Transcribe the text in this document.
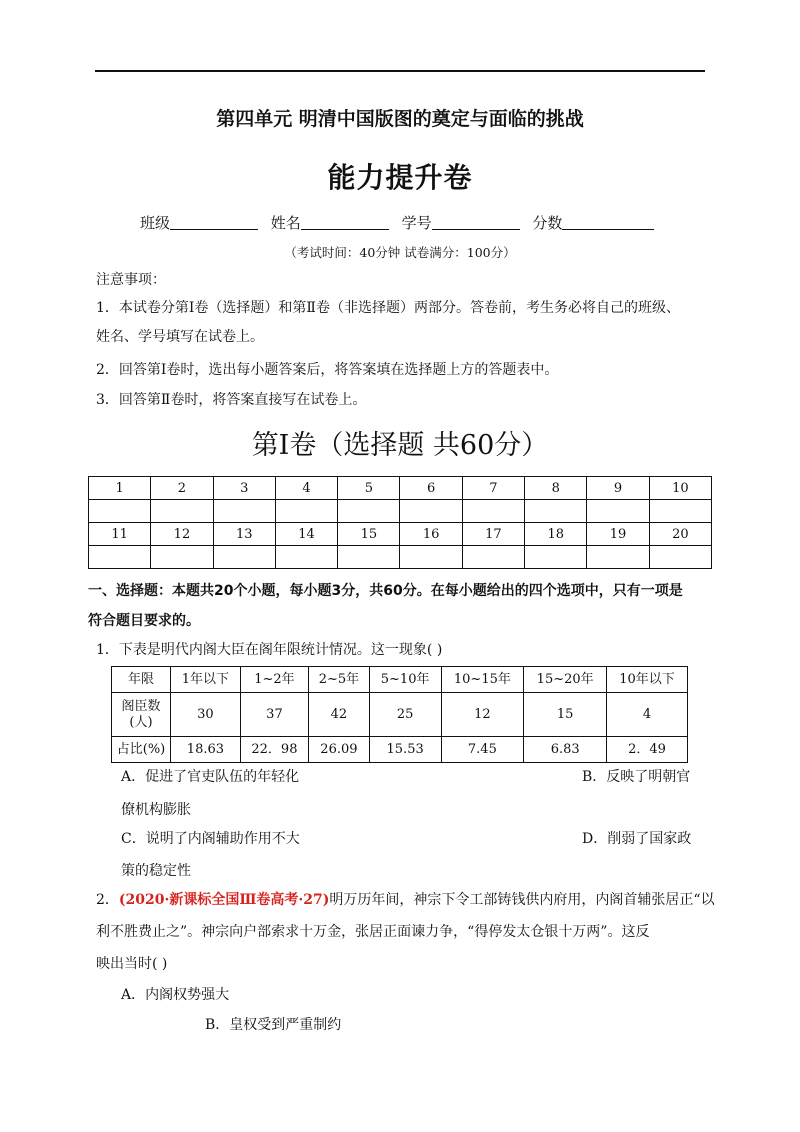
第四单元 明清中国版图的奠定与面临的挑战
能力提升卷
班级	姓名	学号	分数
（考试时间：40分钟 试卷满分：100分）
注意事项：
1．本试卷分第Ⅰ卷（选择题）和第Ⅱ卷（非选择题）两部分。答卷前，考生务必将自己的班级、
姓名、学号填写在试卷上。
2．回答第Ⅰ卷时，选出每小题答案后，将答案填在选择题上方的答题表中。
3．回答第Ⅱ卷时，将答案直接写在试卷上。
第Ⅰ卷（选择题 共60分）
1	2	3	4	5	6	7	8	9	10

11	12	13	14	15	16	17	18	19	20

一、选择题：本题共20个小题，每小题3分，共60分。在每小题给出的四个选项中，只有一项是
符合题目要求的。
1．下表是明代内阁大臣在阁年限统计情况。这一现象( )
年限	1年以下	1~2年	2~5年	5~10年	10~15年	15~20年	10年以下
阁臣数(人)	30	37	42	25	12	15	4
占比(%)	18.63	22．98	26.09	15.53	7.45	6.83	2．49
A．促进了官吏队伍的年轻化	B．反映了明朝官
僚机构膨胀
C．说明了内阁辅助作用不大	D．削弱了国家政
策的稳定性
2．(2020·新课标全国Ⅲ卷高考·27)明万历年间，神宗下令工部铸钱供内府用，内阁首辅张居正“以
利不胜费止之”。神宗向户部索求十万金，张居正面谏力争，“得停发太仓银十万两”。这反
映出当时( )
A．内阁权势强大
B．皇权受到严重制约
